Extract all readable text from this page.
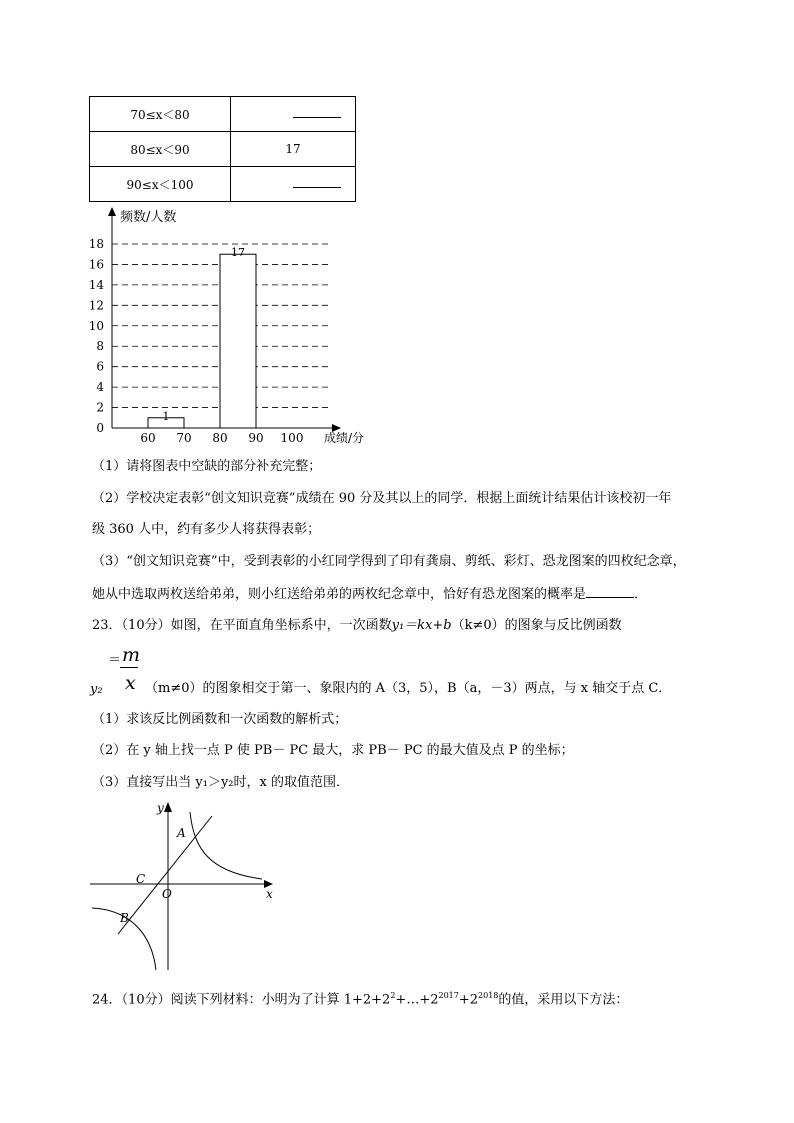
70≤x＜80	

80≤x＜90	17
90≤x＜100	
1
17
频数/人数
成绩/分
0
2
4
6
8
10
12
14
16
18
60 70 80 90 100
（1）请将图表中空缺的部分补充完整；
（2）学校决定表彰“创文知识竞赛”成绩在 90 分及其以上的同学．根据上面统计结果估计该校初一年
级 360 人中，约有多少人将获得表彰；
（3）“创文知识竞赛”中，受到表彰的小红同学得到了印有龚扇、剪纸、彩灯、恐龙图案的四枚纪念章，
她从中选取两枚送给弟弟，则小红送给弟弟的两枚纪念章中，恰好有恐龙图案的概率是	．
23．（10分）如图，在平面直角坐标系中，一次函数y₁＝kx+b（k≠0）的图象与反比例函数
＝ m
x
y₂	（m≠0）的图象相交于第一、象限内的 A（3，5），B（a，－3）两点，与 x 轴交于点 C．
（1）求该反比例函数和一次函数的解析式；
（2）在 y 轴上找一点 P 使 PB－ PC 最大，求 PB－ PC 的最大值及点 P 的坐标；
（3）直接写出当 y₁＞y₂时，x 的取值范围．
y
x
A
C
O
B
24．（10分）阅读下列材料：小明为了计算 $1+2+2^2+\dots+2^{2017}+2^{2018}$的值，采用以下方法：
